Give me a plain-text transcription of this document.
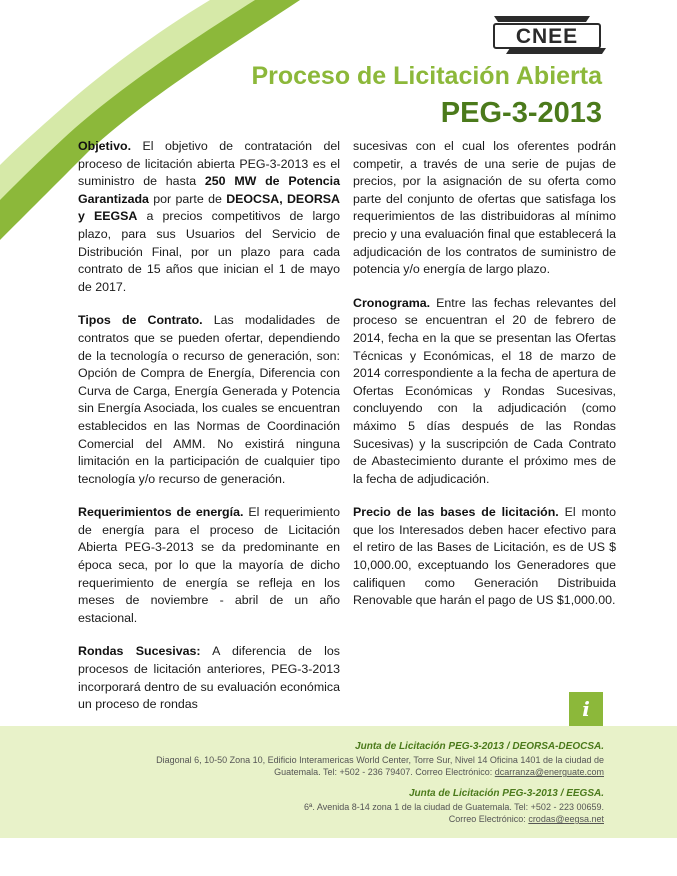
CNEE
Proceso de Licitación Abierta
PEG-3-2013

Objetivo. El objetivo de contratación del proceso de licitación abierta PEG-3-2013 es el suministro de hasta 250 MW de Potencia Garantizada por parte de DEOCSA, DEORSA y EEGSA a precios competitivos de largo plazo, para sus Usuarios del Servicio de Distribución Final, por un plazo para cada contrato de 15 años que inician el 1 de mayo de 2017.

Tipos de Contrato. Las modalidades de contratos que se pueden ofertar, dependiendo de la tecnología o recurso de generación, son: Opción de Compra de Energía, Diferencia con Curva de Carga, Energía Generada y Potencia sin Energía Asociada, los cuales se encuentran establecidos en las Normas de Coordinación Comercial del AMM. No existirá ninguna limitación en la participación de cualquier tipo tecnología y/o recurso de generación.

Requerimientos de energía. El requerimiento de energía para el proceso de Licitación Abierta PEG-3-2013 se da predominante en época seca, por lo que la mayoría de dicho requerimiento de energía se refleja en los meses de noviembre - abril de un año estacional.

Rondas Sucesivas: A diferencia de los procesos de licitación anteriores, PEG-3-2013 incorporará dentro de su evaluación económica un proceso de rondas

sucesivas con el cual los oferentes podrán competir, a través de una serie de pujas de precios, por la asignación de su oferta como parte del conjunto de ofertas que satisfaga los requerimientos de las distribuidoras al mínimo precio y una evaluación final que establecerá la adjudicación de los contratos de suministro de potencia y/o energía de largo plazo.

Cronograma. Entre las fechas relevantes del proceso se encuentran el 20 de febrero de 2014, fecha en la que se presentan las Ofertas Técnicas y Económicas, el 18 de marzo de 2014 correspondiente a la fecha de apertura de Ofertas Económicas y Rondas Sucesivas, concluyendo con la adjudicación (como máximo 5 días después de las Rondas Sucesivas) y la suscripción de Cada Contrato de Abastecimiento durante el próximo mes de la fecha de adjudicación.

Precio de las bases de licitación. El monto que los Interesados deben hacer efectivo para el retiro de las Bases de Licitación, es de US $ 10,000.00, exceptuando los Generadores que califiquen como Generación Distribuida Renovable que harán el pago de US $1,000.00.

i
Junta de Licitación PEG-3-2013 / DEORSA-DEOCSA.
Diagonal 6, 10-50 Zona 10, Edificio Interamericas World Center, Torre Sur, Nivel 14 Oficina 1401 de la ciudad de
Guatemala. Tel: +502 - 236 79407. Correo Electrónico: dcarranza@energuate.com
Junta de Licitación PEG-3-2013 / EEGSA.
6ª. Avenida 8-14 zona 1 de la ciudad de Guatemala. Tel: +502 - 223 00659.
Correo Electrónico: crodas@eegsa.net
